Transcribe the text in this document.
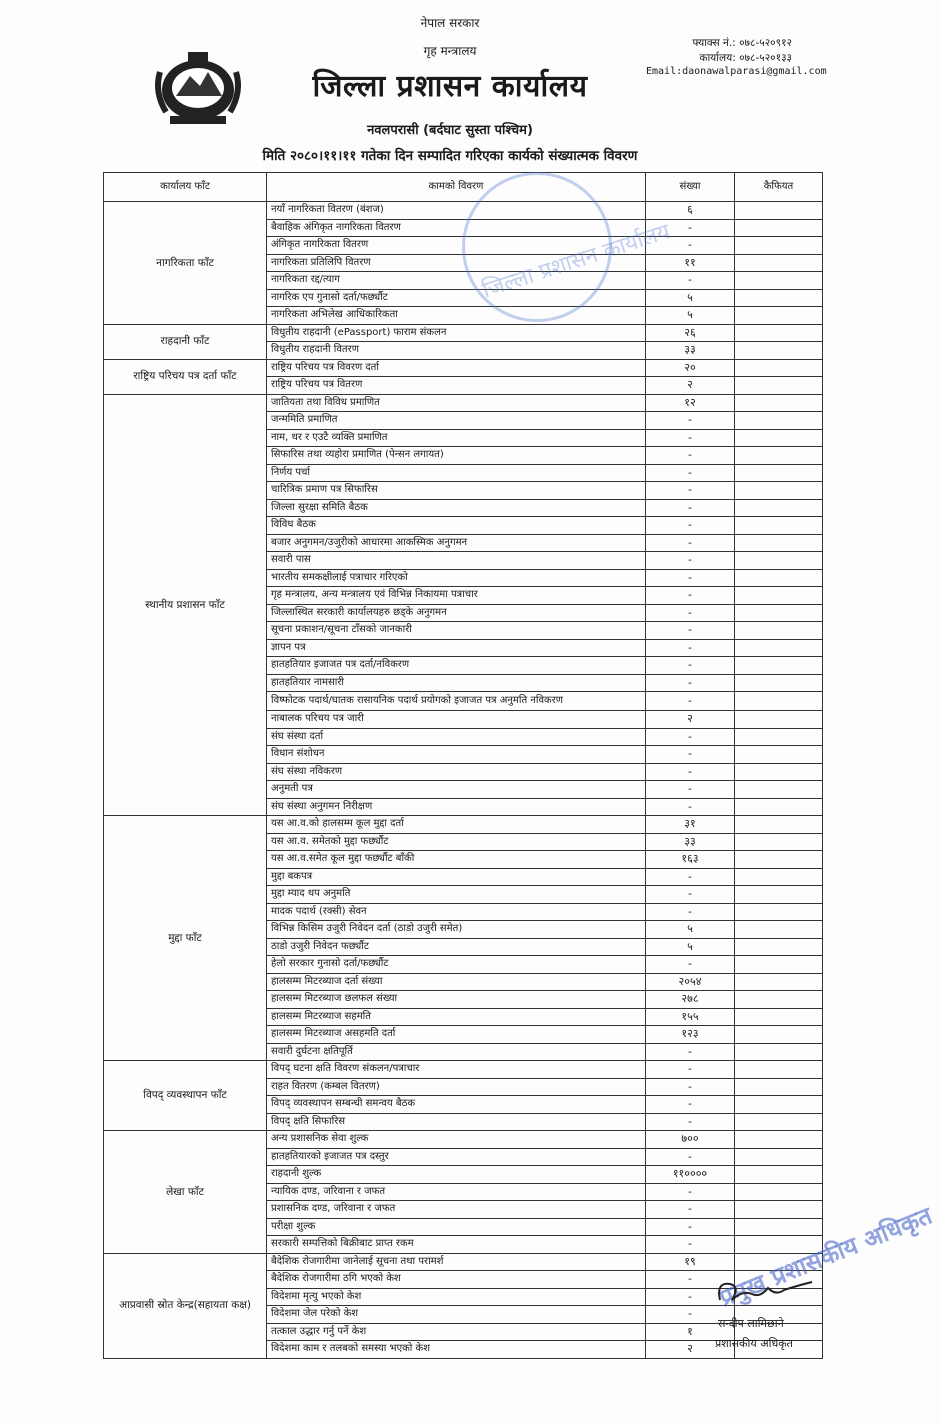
नेपाल सरकार
गृह मन्त्रालय
जिल्ला प्रशासन कार्यालय
नवलपरासी (बर्दघाट सुस्ता पश्चिम)
मिति २०८०।११।११ गतेका दिन सम्पादित गरिएका कार्यको संख्यात्मक विवरण
फ्याक्स नं.: ०७८-५२०९१२
कार्यालय: ०७८-५२०१३३
Email:daonawalparasi@gmail.com
कार्यालय फाँट	कामको विवरण	संख्या	कैफियत
नागरिकता फाँट	नयाँ नागरिकता वितरण (बंशज)	६	
	बैवाहिक अंगिकृत नागरिकता वितरण	-	
	अंगिकृत नागरिकता वितरण	-	
	नागरिकता प्रतिलिपि वितरण	११	
	नागरिकता रद्द/त्याग	-	
	नागरिक एप गुनासो दर्ता/फर्छ्यौट	५	
	नागरिकता अभिलेख आधिकारिकता	५	
राहदानी फाँट	विधुतीय राहदानी (ePassport) फाराम संकलन	२६	
	विधुतीय राहदानी वितरण	३३	
राष्ट्रिय परिचय पत्र दर्ता फाँट	राष्ट्रिय परिचय पत्र विवरण दर्ता	२०	
	राष्ट्रिय परिचय पत्र वितरण	२	
स्थानीय प्रशासन फाँट	जातियता तथा विविध प्रमाणित	१२	
	जन्ममिति प्रमाणित	-	
	नाम, थर र एउटै व्यक्ति प्रमाणित	-	
	सिफारिस तथा व्यहोरा प्रमाणित (पेन्सन लगायत)	-	
	निर्णय पर्चा	-	
	चारित्रिक प्रमाण पत्र सिफारिस	-	
	जिल्ला सुरक्षा समिति बैठक	-	
	विविध बैठक	-	
	बजार अनुगमन/उजुरीको आधारमा आकस्मिक अनुगमन	-	
	सवारी पास	-	
	भारतीय समकक्षीलाई पत्राचार गरिएको	-	
	गृह मन्त्रालय, अन्य मन्त्रालय एवं विभिन्न निकायमा पत्राचार	-	
	जिल्लास्थित सरकारी कार्यालयहरु छड्के अनुगमन	-	
	सूचना प्रकाशन/सूचना टाँसको जानकारी	-	
	ज्ञापन पत्र	-	
	हातहतियार इजाजत पत्र दर्ता/नविकरण	-	
	हातहतियार नामसारी	-	
	विष्फोटक पदार्थ/घातक रासायनिक पदार्थ प्रयोगको इजाजत पत्र अनुमति नविकरण	-	
	नाबालक परिचय पत्र जारी	२	
	संघ संस्था दर्ता	-	
	विधान संशोधन	-	
	संघ संस्था नविकरण	-	
	अनुमती पत्र	-	
	संघ संस्था अनुगमन निरीक्षण	-	
मुद्दा फाँट	यस आ.व.को हालसम्म कूल मुद्दा दर्ता	३१	
	यस आ.व. समेतको मुद्दा फर्छ्यौट	३३	
	यस आ.व.समेत कूल मुद्दा फर्छ्यौट बाँकी	१६३	
	मुद्दा बकपत्र	-	
	मुद्दा म्याद थप अनुमति	-	
	मादक पदार्थ (रक्सी) सेवन	-	
	विभिन्न किसिम उजुरी निवेदन दर्ता (ठाडो उजुरी समेत)	५	
	ठाडो उजुरी निवेदन फर्छ्यौट	५	
	हेलो सरकार गुनासो दर्ता/फर्छ्यौट	-	
	हालसम्म मिटरब्याज दर्ता संख्या	२०५४	
	हालसम्म मिटरब्याज छलफल संख्या	२७८	
	हालसम्म मिटरब्याज सहमति	१५५	
	हालसम्म मिटरब्याज असहमति दर्ता	१२३	
	सवारी दुर्घटना क्षतिपूर्ति	-	
विपद् व्यवस्थापन फाँट	विपद् घटना क्षति विवरण संकलन/पत्राचार	-	
	राहत वितरण (कम्बल वितरण)	-	
	विपद् व्यवस्थापन सम्बन्धी समन्वय बैठक	-	
	विपद् क्षति सिफारिस	-	
लेखा फाँट	अन्य प्रशासनिक सेवा शुल्क	७००	
	हातहतियारको इजाजत पत्र दस्तुर	-	
	राहदानी शुल्क	११००००	
	न्यायिक दण्ड, जरिवाना र जफत	-	
	प्रशासनिक दण्ड, जरिवाना र जफत	-	
	परीक्षा शुल्क	-	
	सरकारी सम्पत्तिको बिक्रीबाट प्राप्त रकम	-	
आप्रवासी स्रोत केन्द्र(सहायता कक्ष)	बैदेशिक रोजगारीमा जानेलाई सूचना तथा परामर्श	१९	
	बैदेशिक रोजगारीमा ठगि भएको केश	-	
	विदेशमा मृत्यु भएको केश	-	
	विदेशमा जेल परेको केश	-	
	तत्काल उद्धार गर्नु पर्ने केश	१	
	विदेशमा काम र तलबको समस्या भएको केश	२	
जिल्ला प्रशासन कार्यालय
प्रमुख प्रशासकीय अधिकृत
सन्दीप लामिछाने
प्रशासकीय अधिकृत
